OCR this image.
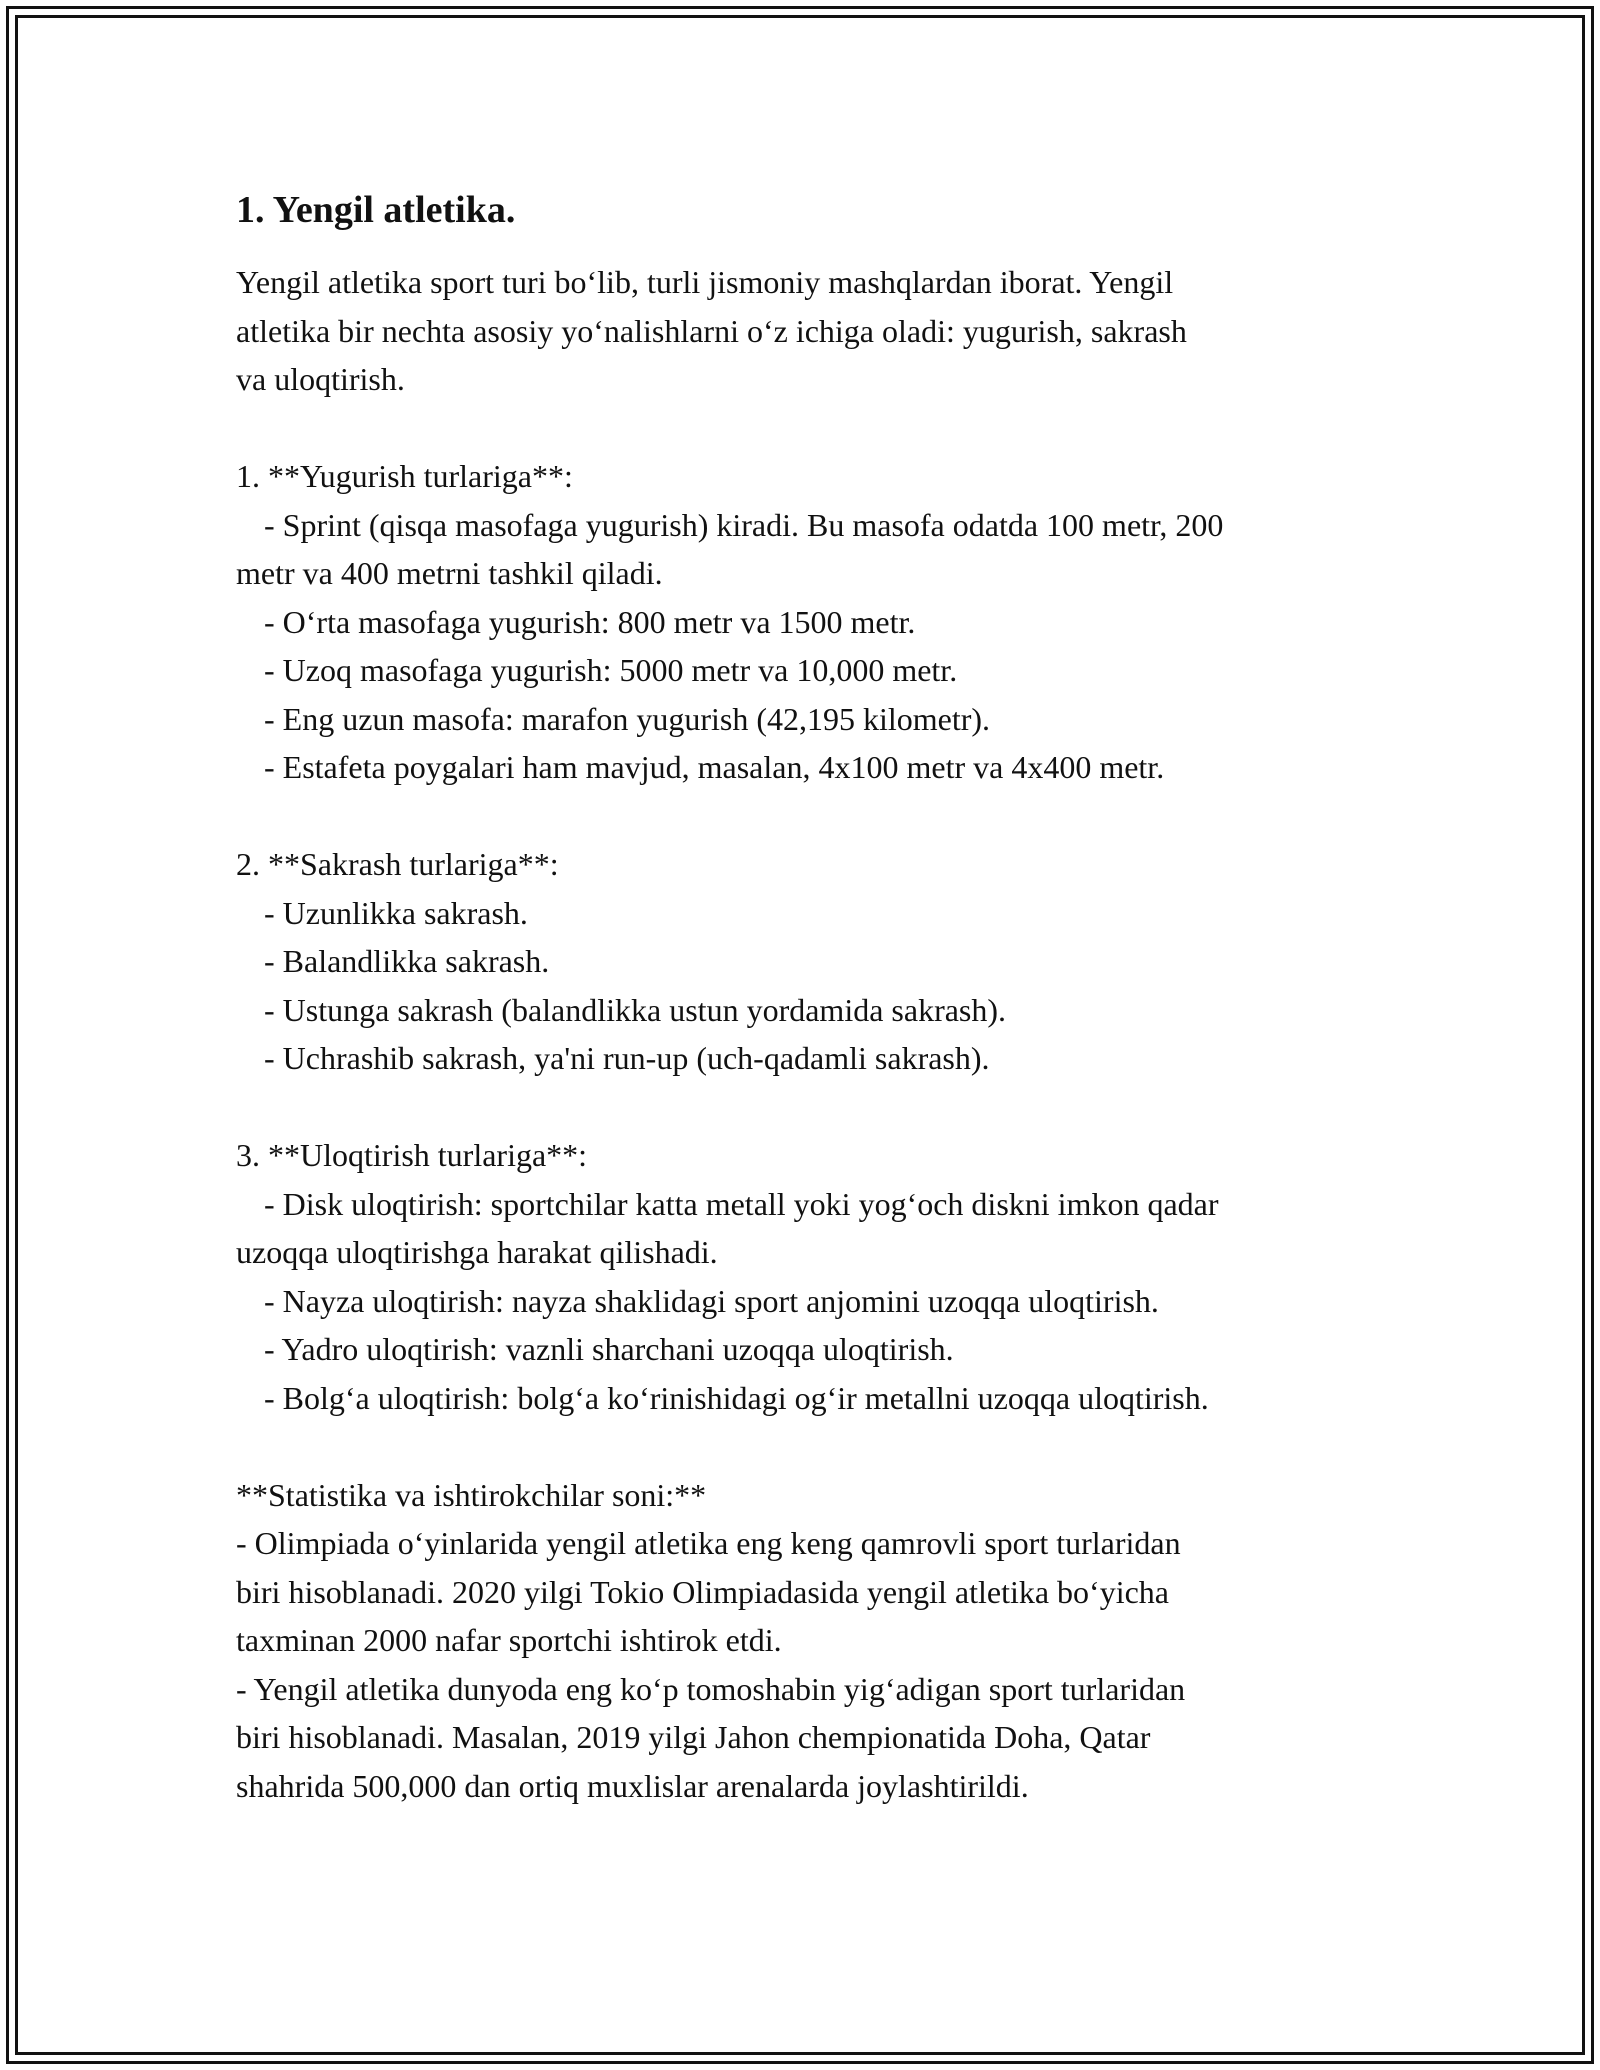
1. Yengil atletika.
Yengil atletika sport turi bo‘lib, turli jismoniy mashqlardan iborat. Yengil
atletika bir nechta asosiy yo‘nalishlarni o‘z ichiga oladi: yugurish, sakrash
va uloqtirish.
1. **Yugurish turlariga**:
- Sprint (qisqa masofaga yugurish) kiradi. Bu masofa odatda 100 metr, 200
metr va 400 metrni tashkil qiladi.
- O‘rta masofaga yugurish: 800 metr va 1500 metr.
- Uzoq masofaga yugurish: 5000 metr va 10,000 metr.
- Eng uzun masofa: marafon yugurish (42,195 kilometr).
- Estafeta poygalari ham mavjud, masalan, 4x100 metr va 4x400 metr.
2. **Sakrash turlariga**:
- Uzunlikka sakrash.
- Balandlikka sakrash.
- Ustunga sakrash (balandlikka ustun yordamida sakrash).
- Uchrashib sakrash, ya'ni run-up (uch-qadamli sakrash).
3. **Uloqtirish turlariga**:
- Disk uloqtirish: sportchilar katta metall yoki yog‘och diskni imkon qadar
uzoqqa uloqtirishga harakat qilishadi.
- Nayza uloqtirish: nayza shaklidagi sport anjomini uzoqqa uloqtirish.
- Yadro uloqtirish: vaznli sharchani uzoqqa uloqtirish.
- Bolg‘a uloqtirish: bolg‘a ko‘rinishidagi og‘ir metallni uzoqqa uloqtirish.
**Statistika va ishtirokchilar soni:**
- Olimpiada o‘yinlarida yengil atletika eng keng qamrovli sport turlaridan
biri hisoblanadi. 2020 yilgi Tokio Olimpiadasida yengil atletika bo‘yicha
taxminan 2000 nafar sportchi ishtirok etdi.
- Yengil atletika dunyoda eng ko‘p tomoshabin yig‘adigan sport turlaridan
biri hisoblanadi. Masalan, 2019 yilgi Jahon chempionatida Doha, Qatar
shahrida 500,000 dan ortiq muxlislar arenalarda joylashtirildi.
